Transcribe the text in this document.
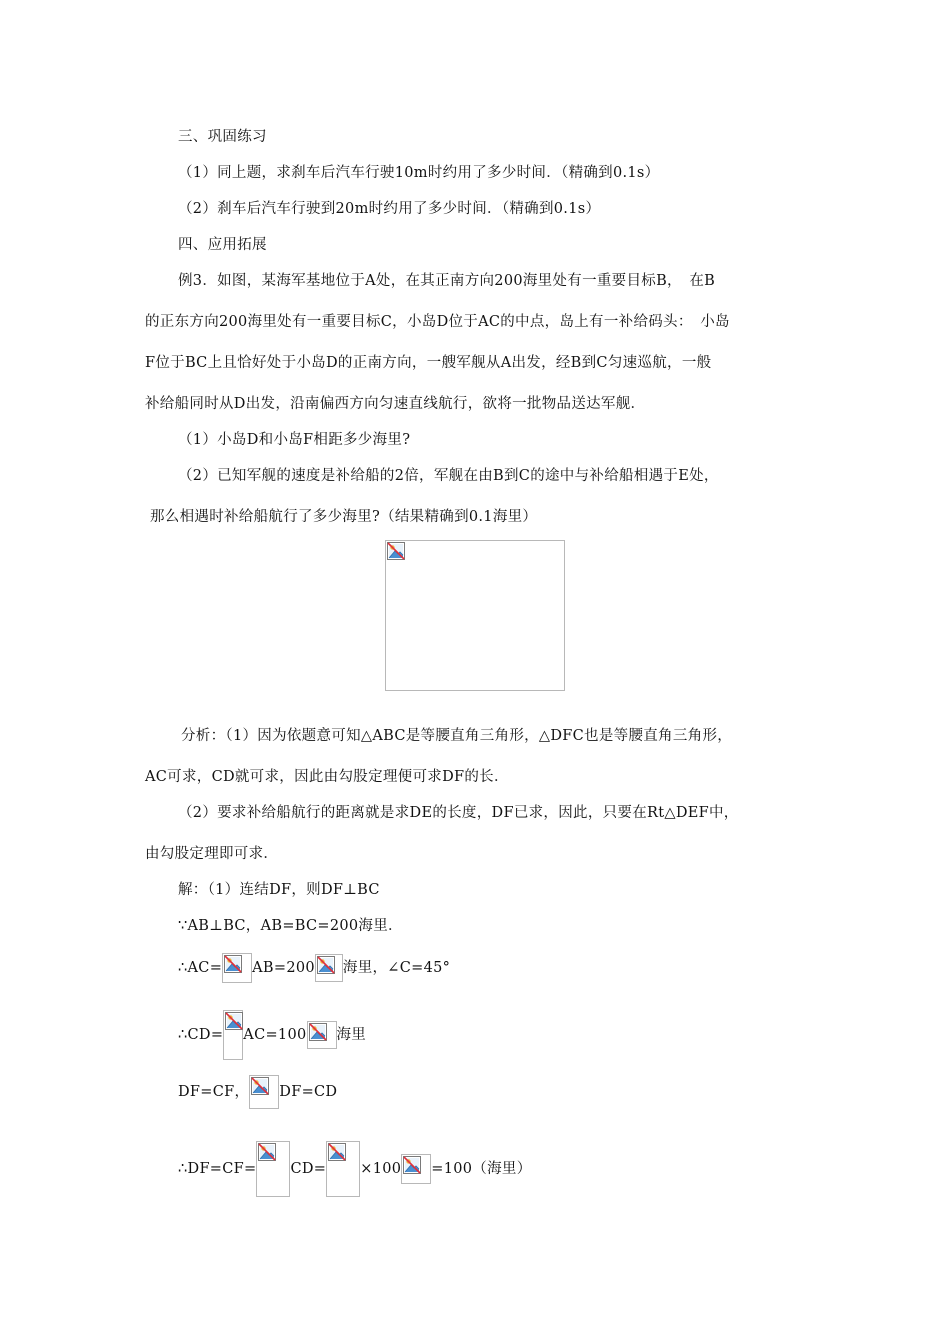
三、巩固练习
（1）同上题，求刹车后汽车行驶10m时约用了多少时间．（精确到0.1s）
（2）刹车后汽车行驶到20m时约用了多少时间．（精确到0.1s）
四、应用拓展
例3．如图，某海军基地位于A处，在其正南方向200海里处有一重要目标B，　在B
的正东方向200海里处有一重要目标C，小岛D位于AC的中点，岛上有一补给码头：　小岛
F位于BC上且恰好处于小岛D的正南方向，一艘军舰从A出发，经B到C匀速巡航，一般
补给船同时从D出发，沿南偏西方向匀速直线航行，欲将一批物品送达军舰．
（1）小岛D和小岛F相距多少海里?
（2）已知军舰的速度是补给船的2倍，军舰在由B到C的途中与补给船相遇于E处，
那么相遇时补给船航行了多少海里?（结果精确到0.1海里）
分析：（1）因为依题意可知△ABC是等腰直角三角形，△DFC也是等腰直角三角形，
AC可求，CD就可求，因此由勾股定理便可求DF的长．
（2）要求补给船航行的距离就是求DE的长度，DF已求，因此，只要在Rt△DEF中，
由勾股定理即可求．
解：（1）连结DF，则DF⊥BC
∵AB⊥BC，AB=BC=200海里．
∴AC= AB=200 海里，∠C=45°
∴CD= AC=100 海里
DF=CF， DF=CD
∴DF=CF= CD= ×100 =100（海里）
